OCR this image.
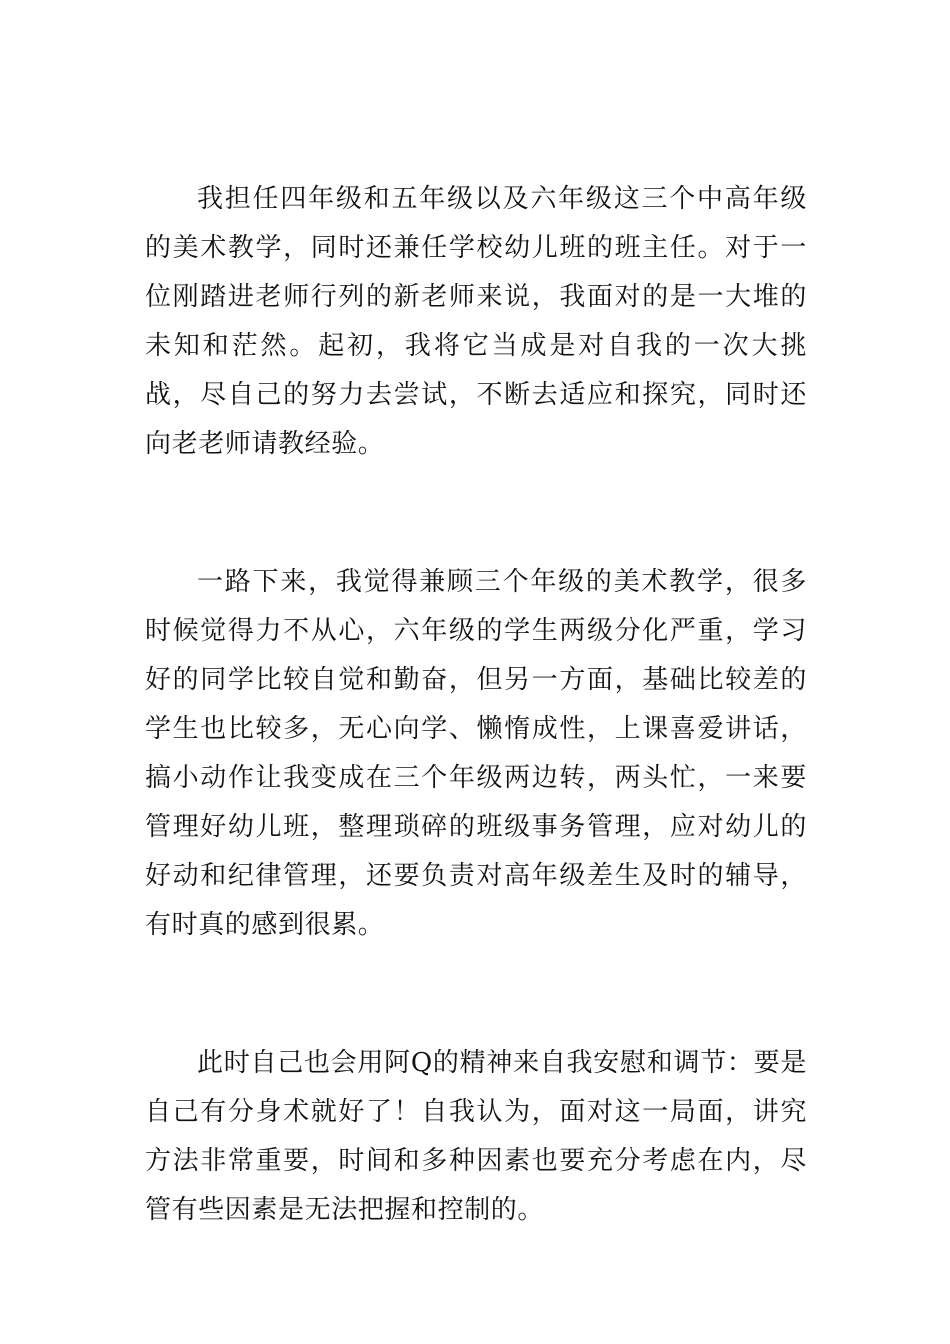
我担任四年级和五年级以及六年级这三个中高年级的美术教学，同时还兼任学校幼儿班的班主任。对于一位刚踏进老师行列的新老师来说，我面对的是一大堆的未知和茫然。起初，我将它当成是对自我的一次大挑战，尽自己的努力去尝试，不断去适应和探究，同时还向老老师请教经验。

一路下来，我觉得兼顾三个年级的美术教学，很多时候觉得力不从心，六年级的学生两级分化严重，学习好的同学比较自觉和勤奋，但另一方面，基础比较差的学生也比较多，无心向学、懒惰成性，上课喜爱讲话，搞小动作让我变成在三个年级两边转，两头忙，一来要管理好幼儿班，整理琐碎的班级事务管理，应对幼儿的好动和纪律管理，还要负责对高年级差生及时的辅导，有时真的感到很累。

此时自己也会用阿Q的精神来自我安慰和调节：要是自己有分身术就好了！自我认为，面对这一局面，讲究方法非常重要，时间和多种因素也要充分考虑在内，尽管有些因素是无法把握和控制的。
